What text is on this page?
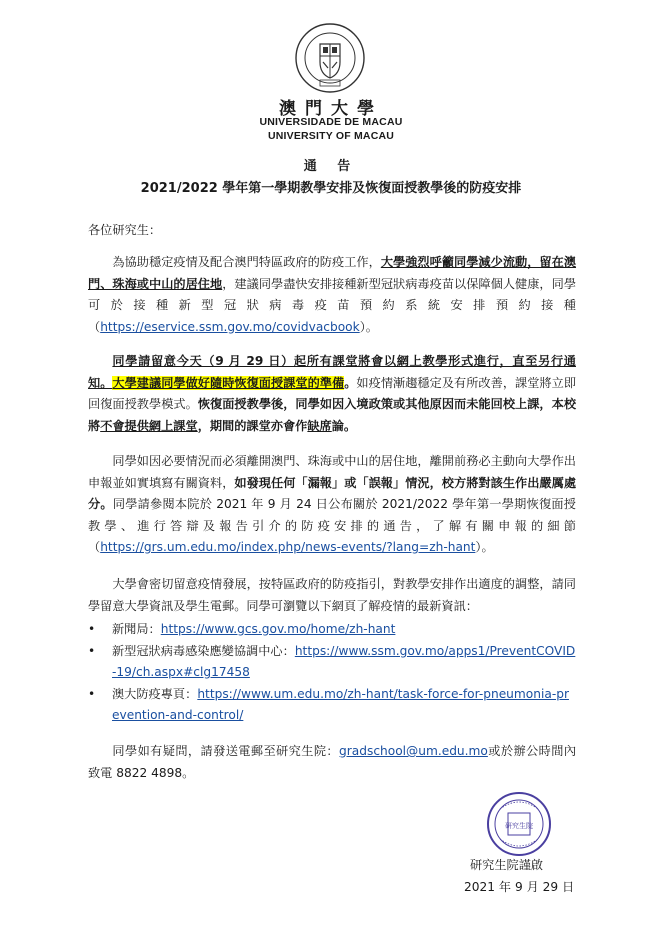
澳門大學
UNIVERSIDADE DE MACAU
UNIVERSITY OF MACAU
通 告
2021/2022 學年第一學期教學安排及恢復面授教學後的防疫安排
各位研究生：

為協助穩定疫情及配合澳門特區政府的防疫工作，大學強烈呼籲同學減少流動，留在澳門、珠海或中山的居住地，建議同學盡快安排接種新型冠狀病毒疫苗以保障個人健康，同學可於接種新型冠狀病毒疫苗預約系統安排預約接種（https://eservice.ssm.gov.mo/covidvacbook）。

同學請留意今天（9 月 29 日）起所有課堂將會以網上教學形式進行，直至另行通知。大學建議同學做好隨時恢復面授課堂的準備。如疫情漸趨穩定及有所改善，課堂將立即回復面授教學模式。恢復面授教學後，同學如因入境政策或其他原因而未能回校上課，本校將不會提供網上課堂，期間的課堂亦會作缺席論。

同學如因必要情況而必須離開澳門、珠海或中山的居住地，離開前務必主動向大學作出申報並如實填寫有關資料，如發現任何「漏報」或「誤報」情況，校方將對該生作出嚴厲處分。同學請參閱本院於 2021 年 9 月 24 日公布關於 2021/2022 學年第一學期恢復面授教學、進行答辯及報告引介的防疫安排的通告，了解有關申報的細節（https://grs.um.edu.mo/index.php/news-events/?lang=zh-hant）。

大學會密切留意疫情發展，按特區政府的防疫指引，對教學安排作出適度的調整，請同學留意大學資訊及學生電郵。同學可瀏覽以下網頁了解疫情的最新資訊：

• 新聞局：https://www.gcs.gov.mo/home/zh-hant
• 新型冠狀病毒感染應變協調中心：https://www.ssm.gov.mo/apps1/PreventCOVID-19/ch.aspx#clg17458
• 澳大防疫專頁：https://www.um.edu.mo/zh-hant/task-force-for-pneumonia-prevention-and-control/

同學如有疑問，請發送電郵至研究生院：gradschool@um.edu.mo或於辦公時間內致電 8822 4898。

研究生院
研究生院謹啟
2021 年 9 月 29 日
